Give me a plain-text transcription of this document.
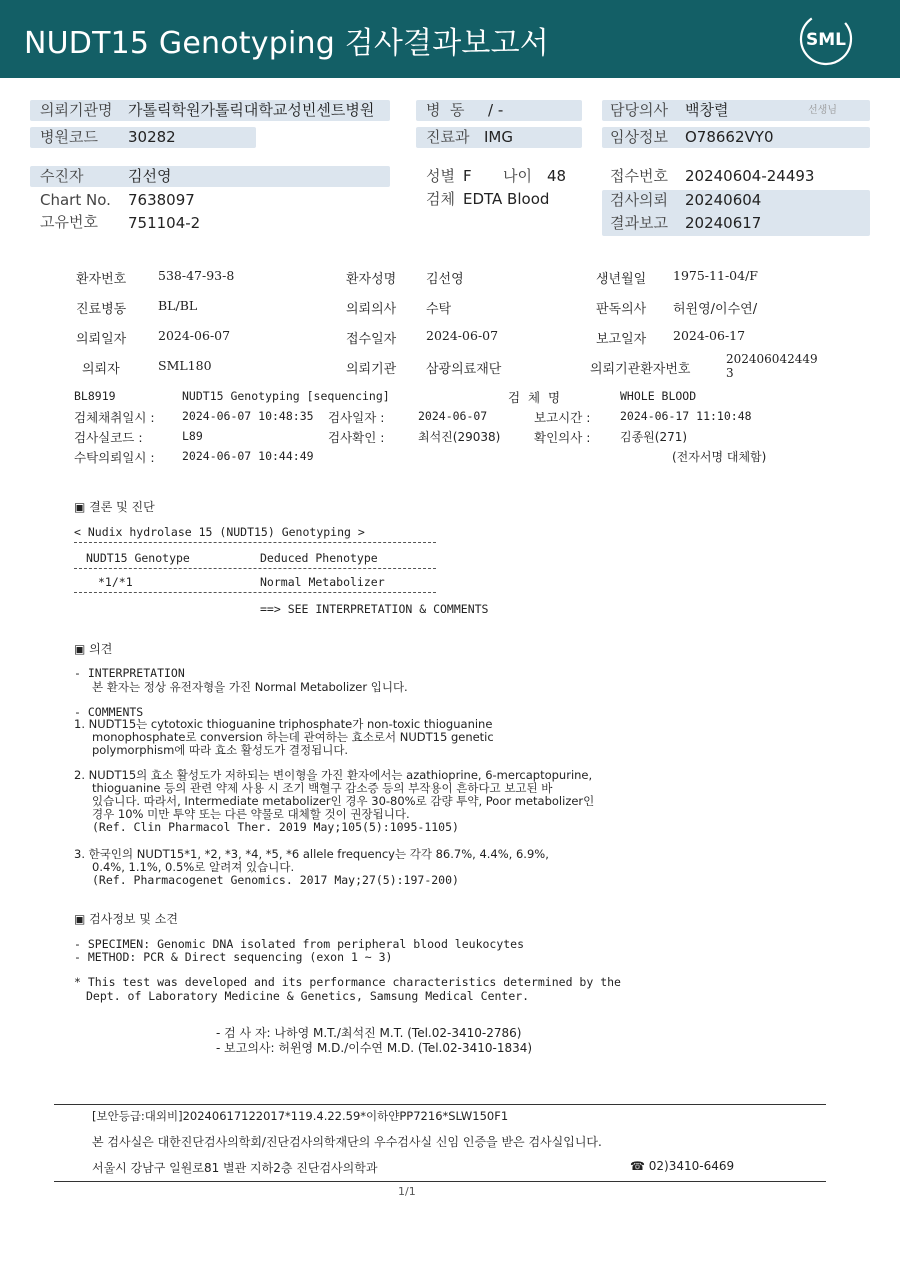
NUDT15 Genotyping 검사결과보고서	SML
의뢰기관명 가톨릭학원가톨릭대학교성빈센트병원
병원코드 30282
병  동 / -
진료과 IMG
담당의사 백창렬	선생님
임상정보 O78662VY0
수진자	김선영
Chart No. 7638097
고유번호 751104-2
성별 F 나이 48
검체 EDTA Blood
접수번호 20240604-24493
검사의뢰 20240604
결과보고 20240617
환자번호	538-47-93-8	환자성명 김선영	생년월일 1975-11-04/F
진료병동	BL/BL	의뢰의사 수탁	판독의사 허윈영/이수연/
의뢰일자	2024-06-07	접수일자 2024-06-07	보고일자 2024-06-17
의뢰자	SML180	의뢰기관 삼광의료재단	의뢰기관환자번호
202406042449
3
BL8919	NUDT15 Genotyping [sequencing]	검  체  명	WHOLE BLOOD
검체채취일시 : 2024-06-07 10:48:35 검사일자 :	2024-06-07	보고시간 :	2024-06-17 11:10:48
검사실코드 :	L89	검사확인 :	최석진(29038)	확인의사 : 김종원(271)
수탁의뢰일시 : 2024-06-07 10:44:49	(전자서명 대체함)
▣ 결론 및 진단
< Nudix hydrolase 15 (NUDT15) Genotyping >
NUDT15 Genotype	Deduced Phenotype
*1/*1	Normal Metabolizer
==> SEE INTERPRETATION & COMMENTS
▣ 의견
- INTERPRETATION
본 환자는 정상 유전자형을 가진 Normal Metabolizer 입니다.
- COMMENTS
1. NUDT15는 cytotoxic thioguanine triphosphate가 non-toxic thioguanine
monophosphate로 conversion 하는데 관여하는 효소로서 NUDT15 genetic
polymorphism에 따라 효소 활성도가 결정됩니다.
2. NUDT15의 효소 활성도가 저하되는 변이형을 가진 환자에서는 azathioprine, 6-mercaptopurine,
thioguanine 등의 관련 약제 사용 시 조기 백혈구 감소증 등의 부작용이 흔하다고 보고된 바
있습니다. 따라서, Intermediate metabolizer인 경우 30-80%로 감량 투약, Poor metabolizer인
경우 10% 미만 투약 또는 다른 약물로 대체할 것이 권장됩니다.
(Ref. Clin Pharmacol Ther. 2019 May;105(5):1095-1105)
3. 한국인의 NUDT15*1, *2, *3, *4, *5, *6 allele frequency는 각각 86.7%, 4.4%, 6.9%,
0.4%, 1.1%, 0.5%로 알려져 있습니다.
(Ref. Pharmacogenet Genomics. 2017 May;27(5):197-200)
▣ 검사정보 및 소견
- SPECIMEN: Genomic DNA isolated from peripheral blood leukocytes
- METHOD: PCR & Direct sequencing (exon 1 ~ 3)
* This test was developed and its performance characteristics determined by the
Dept. of Laboratory Medicine & Genetics, Samsung Medical Center.
- 검 사 자: 나하영 M.T./최석진 M.T. (Tel.02-3410-2786)
- 보고의사: 허윈영 M.D./이수연 M.D. (Tel.02-3410-1834)
[보안등급:대외비]20240617122017*119.4.22.59*이하얀PP7216*SLW150F1
본 검사실은 대한진단검사의학회/진단검사의학재단의 우수검사실 신임 인증을 받은 검사실입니다.
서울시 강남구 일원로81 별관 지하2층 진단검사의학과	☎ 02)3410-6469
1/1
